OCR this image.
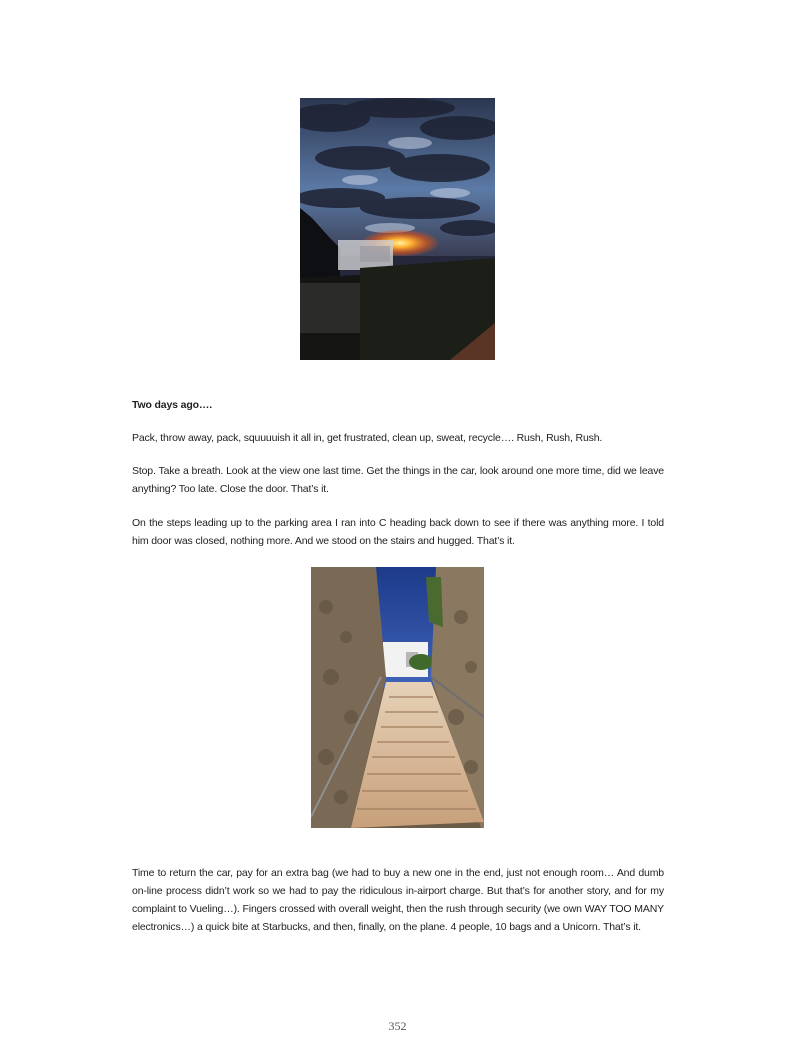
Two days ago….
Pack, throw away, pack, squuuuish it all in, get frustrated, clean up, sweat, recycle…. Rush, Rush, Rush.
Stop. Take a breath. Look at the view one last time. Get the things in the car, look around one more time, did we leave anything? Too late. Close the door. That’s it.
On the steps leading up to the parking area I ran into C heading back down to see if there was anything more. I told him door was closed, nothing more. And we stood on the stairs and hugged. That’s it.
Time to return the car, pay for an extra bag (we had to buy a new one in the end, just not enough room… And dumb on-line process didn’t work so we had to pay the ridiculous in-airport charge. But that’s for another story, and for my complaint to Vueling…). Fingers crossed with overall weight, then the rush through security (we own WAY TOO MANY electronics…) a quick bite at Starbucks, and then, finally, on the plane. 4 people, 10 bags and a Unicorn. That’s it.
352
